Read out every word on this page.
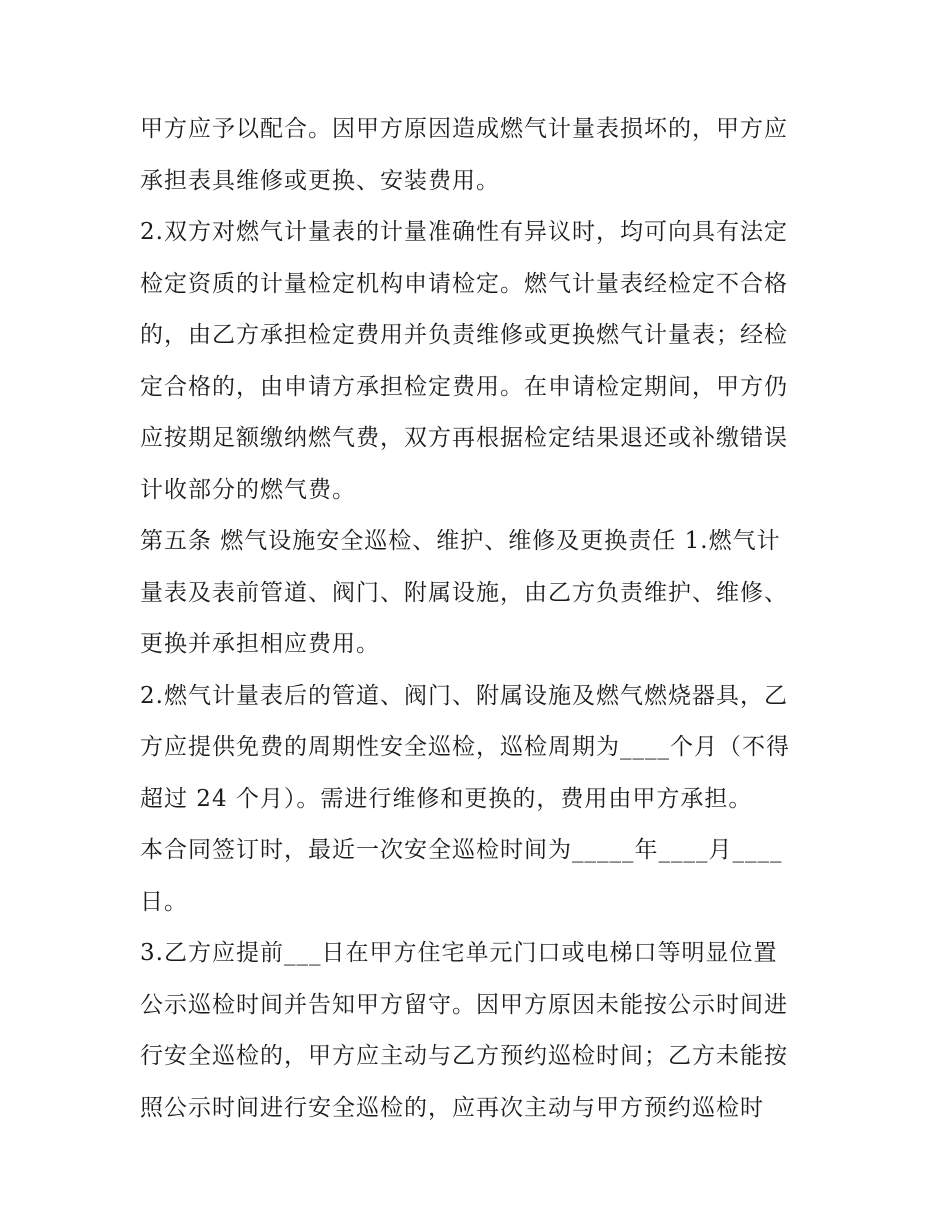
甲方应予以配合。因甲方原因造成燃气计量表损坏的，甲方应
承担表具维修或更换、安装费用。
2.双方对燃气计量表的计量准确性有异议时，均可向具有法定
检定资质的计量检定机构申请检定。燃气计量表经检定不合格
的，由乙方承担检定费用并负责维修或更换燃气计量表；经检
定合格的，由申请方承担检定费用。在申请检定期间，甲方仍
应按期足额缴纳燃气费，双方再根据检定结果退还或补缴错误
计收部分的燃气费。
第五条 燃气设施安全巡检、维护、维修及更换责任 1.燃气计
量表及表前管道、阀门、附属设施，由乙方负责维护、维修、
更换并承担相应费用。
2.燃气计量表后的管道、阀门、附属设施及燃气燃烧器具，乙
方应提供免费的周期性安全巡检，巡检周期为____个月（不得
超过 24 个月）。需进行维修和更换的，费用由甲方承担。
本合同签订时，最近一次安全巡检时间为_____年____月____
日。
3.乙方应提前___日在甲方住宅单元门口或电梯口等明显位置
公示巡检时间并告知甲方留守。因甲方原因未能按公示时间进
行安全巡检的，甲方应主动与乙方预约巡检时间；乙方未能按
照公示时间进行安全巡检的，应再次主动与甲方预约巡检时
